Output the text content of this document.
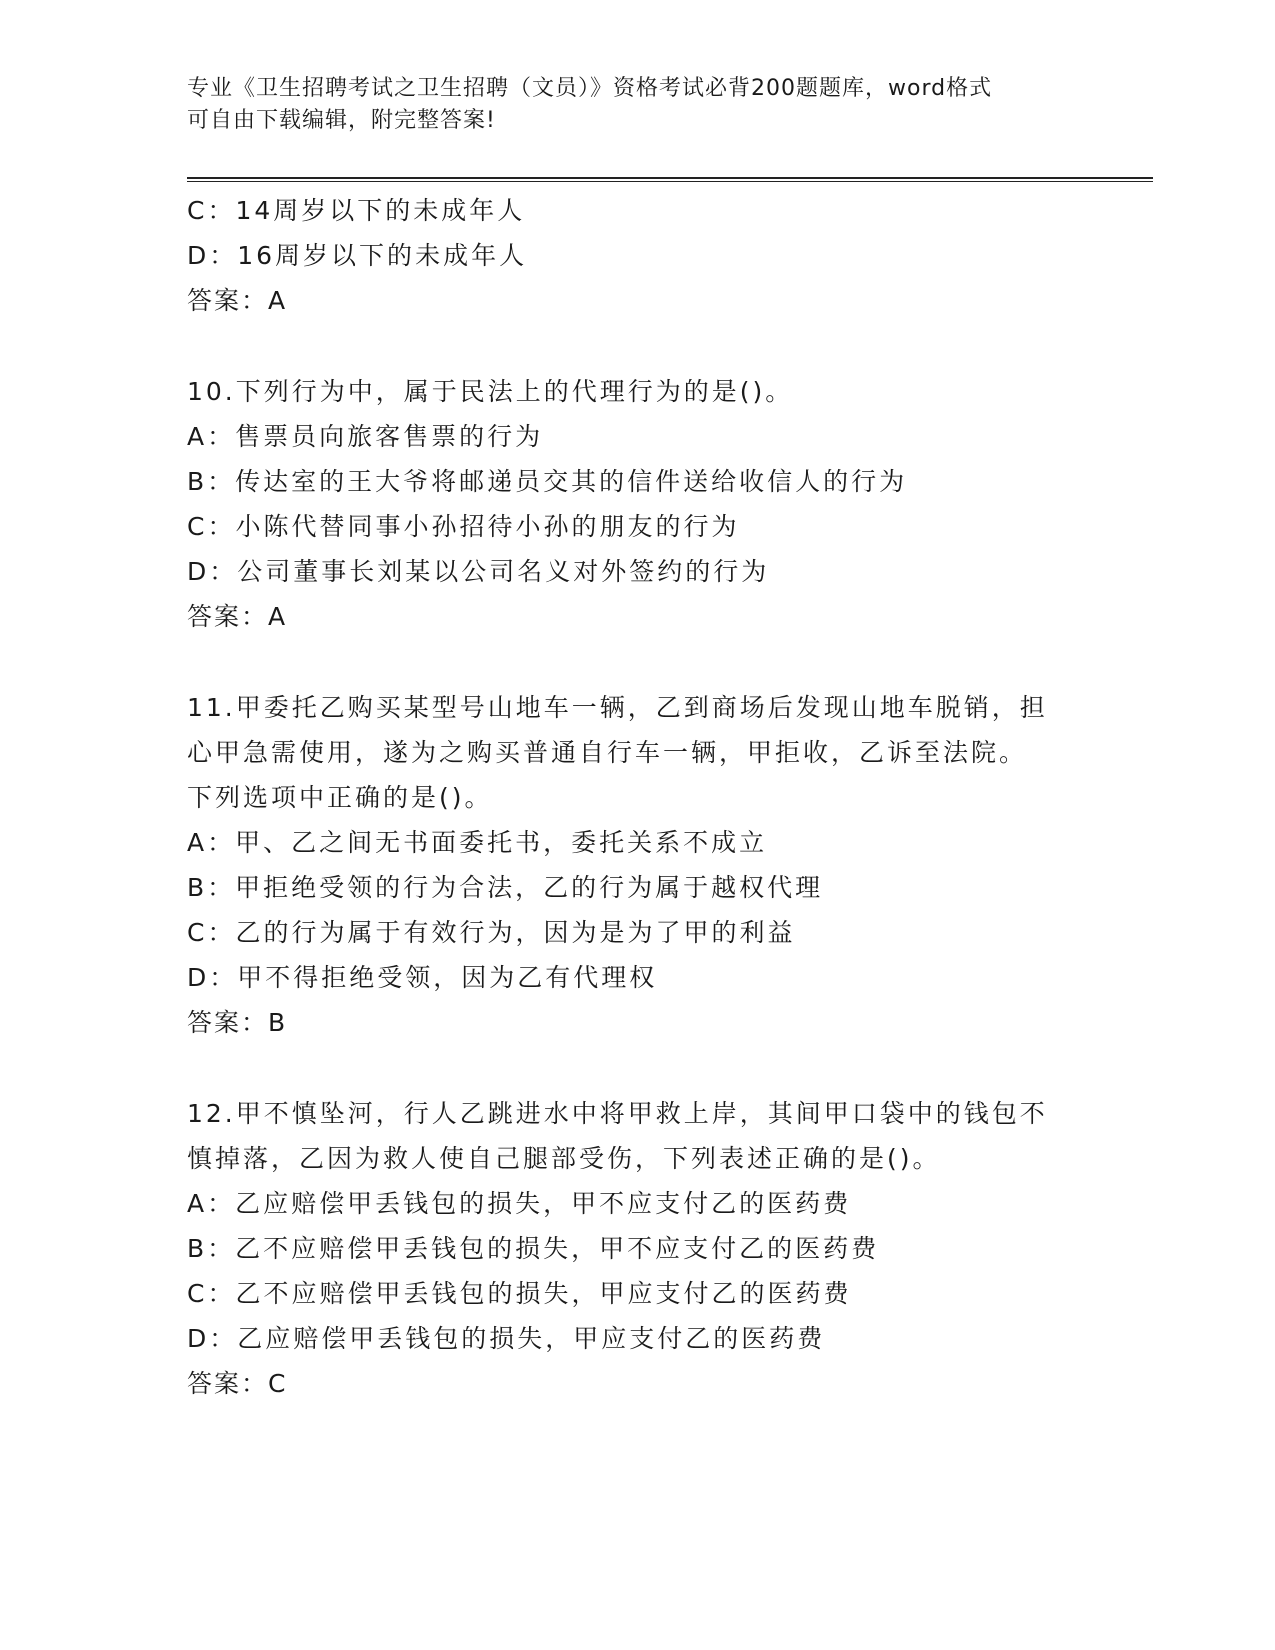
专业《卫生招聘考试之卫生招聘（文员）》资格考试必背200题题库，word格式
可自由下载编辑，附完整答案!
C：14周岁以下的未成年人
D：16周岁以下的未成年人
答案：A
10.下列行为中，属于民法上的代理行为的是()。
A：售票员向旅客售票的行为
B：传达室的王大爷将邮递员交其的信件送给收信人的行为
C：小陈代替同事小孙招待小孙的朋友的行为
D：公司董事长刘某以公司名义对外签约的行为
答案：A
11.甲委托乙购买某型号山地车一辆，乙到商场后发现山地车脱销，担
心甲急需使用，遂为之购买普通自行车一辆，甲拒收，乙诉至法院。
下列选项中正确的是()。
A：甲、乙之间无书面委托书，委托关系不成立
B：甲拒绝受领的行为合法，乙的行为属于越权代理
C：乙的行为属于有效行为，因为是为了甲的利益
D：甲不得拒绝受领，因为乙有代理权
答案：B
12.甲不慎坠河，行人乙跳进水中将甲救上岸，其间甲口袋中的钱包不
慎掉落，乙因为救人使自己腿部受伤，下列表述正确的是()。
A：乙应赔偿甲丢钱包的损失，甲不应支付乙的医药费
B：乙不应赔偿甲丢钱包的损失，甲不应支付乙的医药费
C：乙不应赔偿甲丢钱包的损失，甲应支付乙的医药费
D：乙应赔偿甲丢钱包的损失，甲应支付乙的医药费
答案：C
